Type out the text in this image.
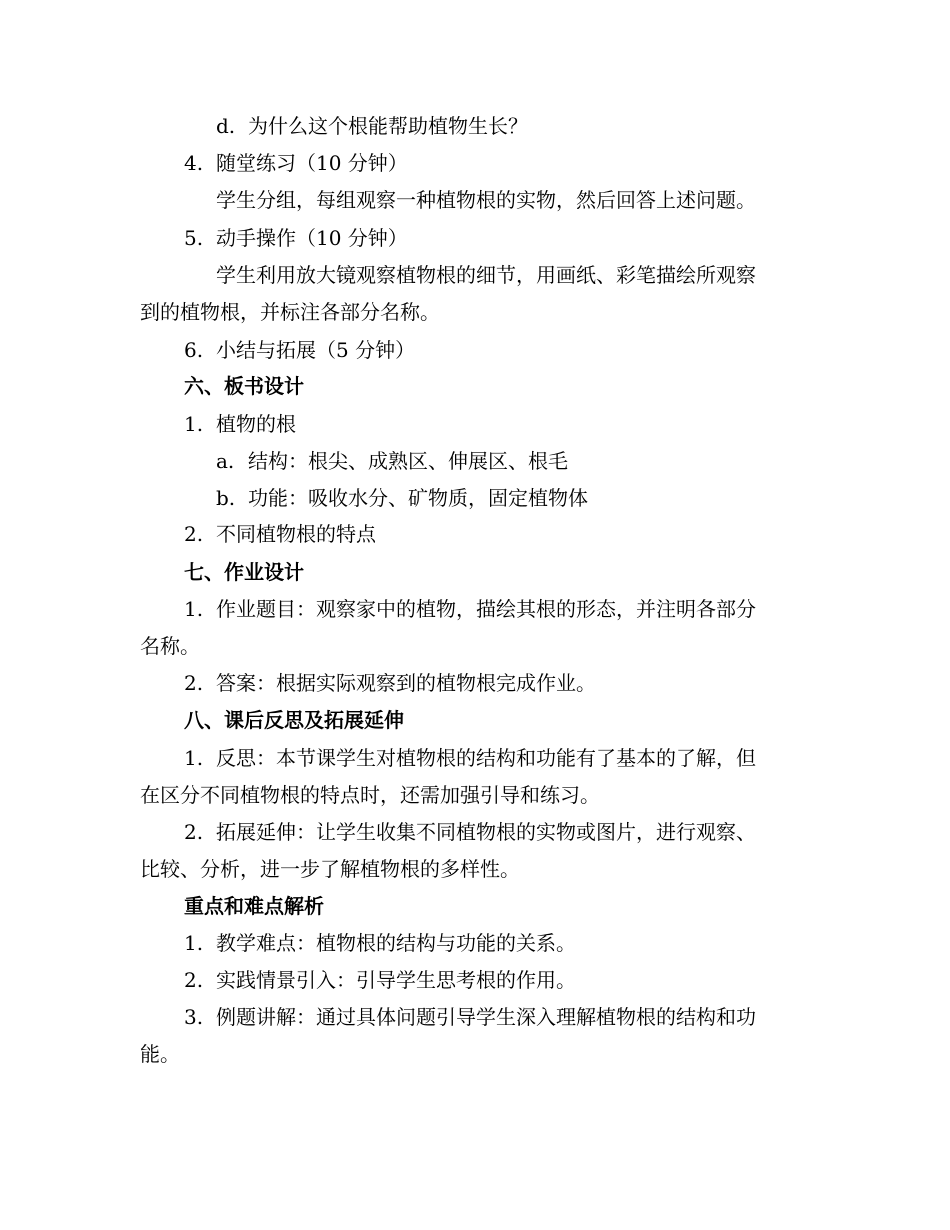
d. 为什么这个根能帮助植物生长？
4. 随堂练习（10 分钟）
学生分组，每组观察一种植物根的实物，然后回答上述问题。
5. 动手操作（10 分钟）
学生利用放大镜观察植物根的细节，用画纸、彩笔描绘所观察
到的植物根，并标注各部分名称。
6. 小结与拓展（5 分钟）
六、板书设计
1. 植物的根
a. 结构：根尖、成熟区、伸展区、根毛
b. 功能：吸收水分、矿物质，固定植物体
2. 不同植物根的特点
七、作业设计
1. 作业题目：观察家中的植物，描绘其根的形态，并注明各部分
名称。
2. 答案：根据实际观察到的植物根完成作业。
八、课后反思及拓展延伸
1. 反思：本节课学生对植物根的结构和功能有了基本的了解，但
在区分不同植物根的特点时，还需加强引导和练习。
2. 拓展延伸：让学生收集不同植物根的实物或图片，进行观察、
比较、分析，进一步了解植物根的多样性。
重点和难点解析
1. 教学难点：植物根的结构与功能的关系。
2. 实践情景引入：引导学生思考根的作用。
3. 例题讲解：通过具体问题引导学生深入理解植物根的结构和功
能。
